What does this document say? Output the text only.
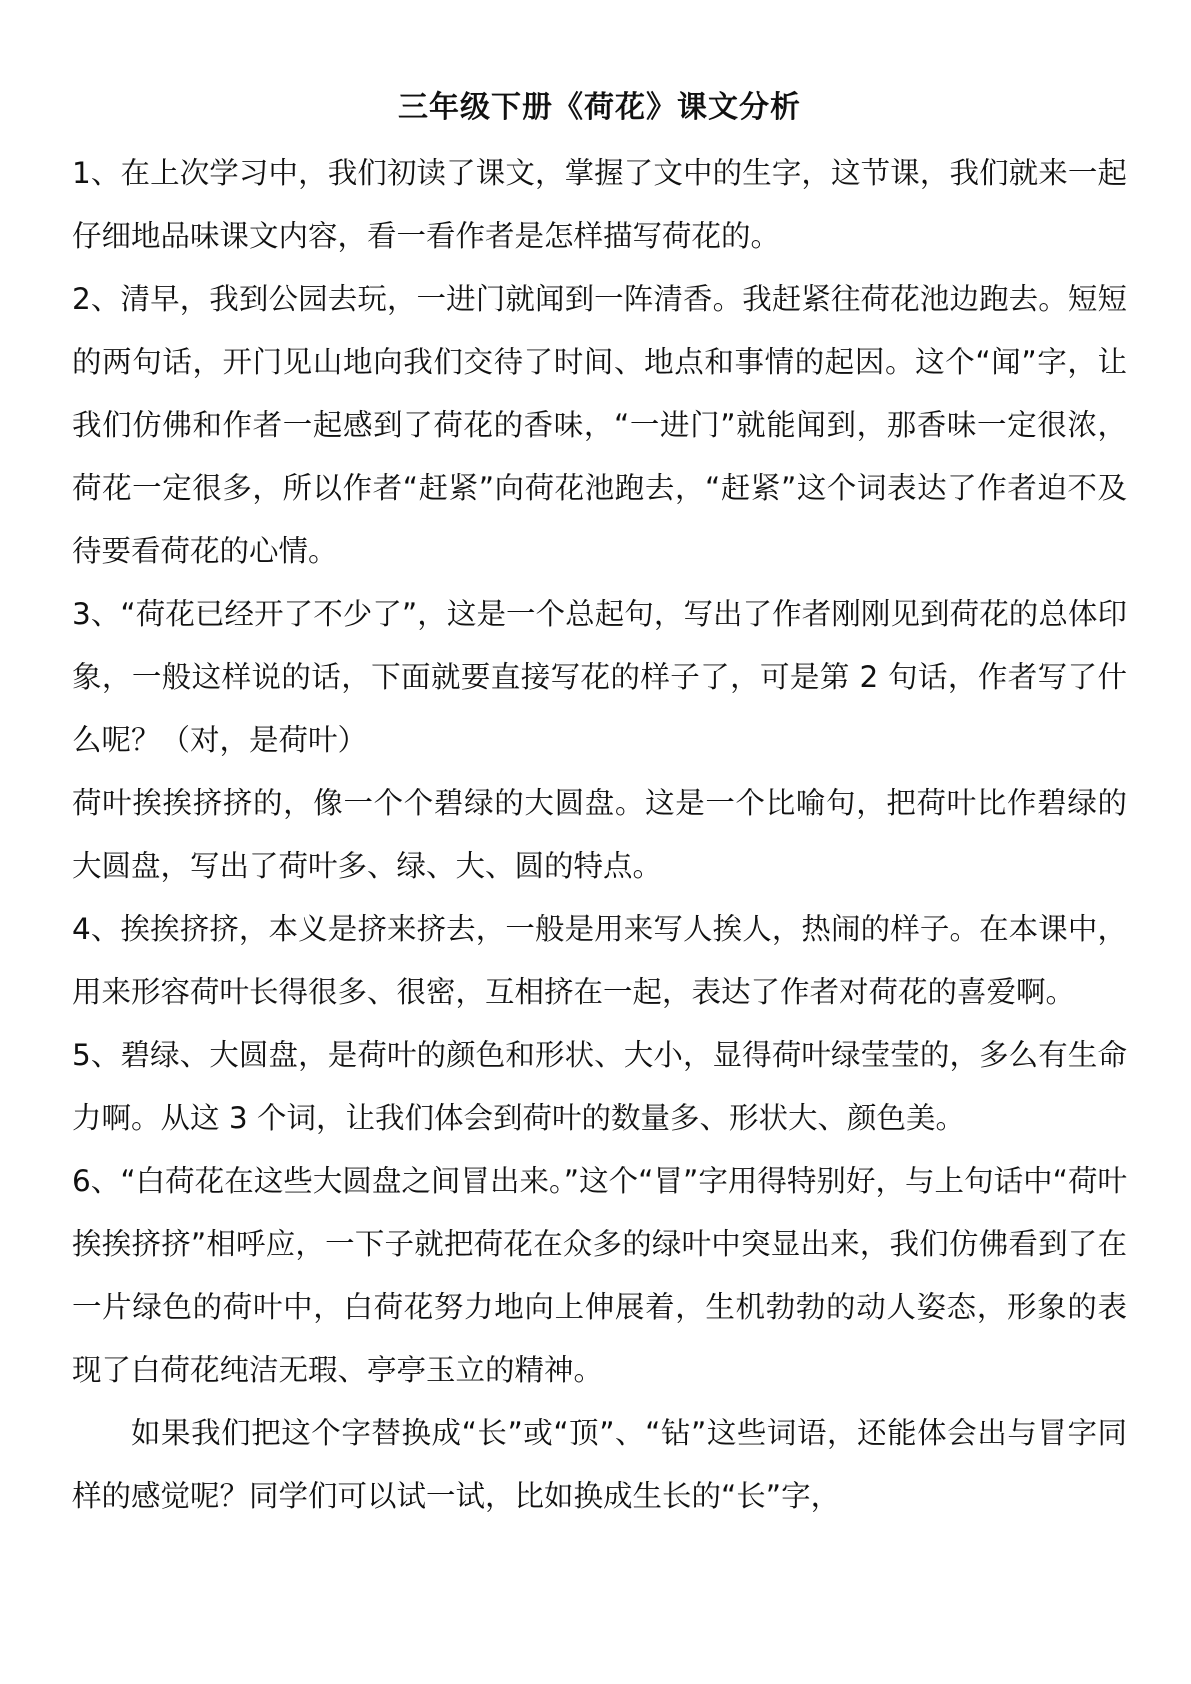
三年级下册《荷花》课文分析

1、在上次学习中，我们初读了课文，掌握了文中的生字，这节课，我们就来一起仔细地品味课文内容，看一看作者是怎样描写荷花的。

2、清早，我到公园去玩，一进门就闻到一阵清香。我赶紧往荷花池边跑去。短短的两句话，开门见山地向我们交待了时间、地点和事情的起因。这个“闻”字，让我们仿佛和作者一起感到了荷花的香味，“一进门”就能闻到，那香味一定很浓，荷花一定很多，所以作者“赶紧”向荷花池跑去，“赶紧”这个词表达了作者迫不及待要看荷花的心情。

3、“荷花已经开了不少了”，这是一个总起句，写出了作者刚刚见到荷花的总体印象，一般这样说的话，下面就要直接写花的样子了，可是第 2 句话，作者写了什么呢？（对，是荷叶）

荷叶挨挨挤挤的，像一个个碧绿的大圆盘。这是一个比喻句，把荷叶比作碧绿的大圆盘，写出了荷叶多、绿、大、圆的特点。

4、挨挨挤挤，本义是挤来挤去，一般是用来写人挨人，热闹的样子。在本课中，用来形容荷叶长得很多、很密，互相挤在一起，表达了作者对荷花的喜爱啊。

5、碧绿、大圆盘，是荷叶的颜色和形状、大小，显得荷叶绿莹莹的，多么有生命力啊。从这 3 个词，让我们体会到荷叶的数量多、形状大、颜色美。

6、“白荷花在这些大圆盘之间冒出来。”这个“冒”字用得特别好，与上句话中“荷叶挨挨挤挤”相呼应，一下子就把荷花在众多的绿叶中突显出来，我们仿佛看到了在一片绿色的荷叶中，白荷花努力地向上伸展着，生机勃勃的动人姿态，形象的表现了白荷花纯洁无瑕、亭亭玉立的精神。

如果我们把这个字替换成“长”或“顶”、“钻”这些词语，还能体会出与冒字同样的感觉呢？同学们可以试一试，比如换成生长的“长”字，
